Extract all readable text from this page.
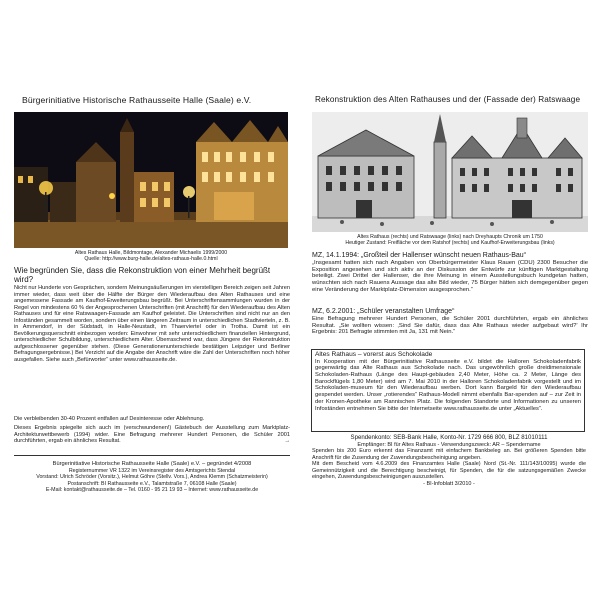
Bürgerinitiative Historische Rathausseite Halle (Saale) e.V.
Altes Rathaus Halle, Bildmontage, Alexander Michaelis 1999/2000
Quelle: http://www.burg-halle.de/altes-rathaus-halle.0.html
Wie begründen Sie, dass die Rekonstruktion von einer Mehrheit begrüßt wird?
Nicht nur Hunderte von Gesprächen, sondern Meinungsäußerungen im vierstelligen Bereich zeigen seit Jahren immer wieder, dass weit über die Hälfte der Bürger den Wiederaufbau des Alten Rathauses und eine angemessene Fassade am Kaufhof-Erweiterungsbau begrüßt. Bei Unterschriftensammlungen wurden in der Regel von mindestens 60 % der Angesprochenen Unterschriften (mit Anschrift) für den Wiederaufbau des Alten Rathauses und für eine Ratswaagen-Fassade am Kaufhof geleistet. Die Unterschriften sind nicht nur an den Infoständen gesammelt worden, sondern über einen längeren Zeitraum in unterschiedlichen Stadtvierteln, z. B. in Ammendorf, in der Südstadt, in Halle-Neustadt, im Thaerviertel oder in Trotha. Damit ist ein Bevölkerungsquerschnitt einbezogen worden: Einwohner mit sehr unterschiedlichem finanziellen Hintergrund, unterschiedlicher Schulbildung, unterschiedlichem Alter. Überraschend war, dass Jüngere der Rekonstruktion aufgeschlossener gegenüber stehen. (Diese Generationenunterschiede bestätigen Leipziger und Berliner Befragungsergebnisse.) Bei Verzicht auf die Angabe der Anschrift wäre die Zahl der Unterschriften noch höher ausgefallen. Siehe auch „Befürworter“ unter www.rathausseite.de.
Die verbleibenden 30-40 Prozent entfallen auf Desinteresse oder Ablehnung.
Dieses Ergebnis spiegelte sich auch im (verschwundenen!) Gästebuch der Ausstellung zum Marktplatz-Architekturwettbewerb (1994) wider. Eine Befragung mehrerer Hundert Personen, die Schüler 2001 durchführten, ergab ein ähnliches Resultat.	→
Bürgerinitiative Historische Rathausseite Halle (Saale) e.V. – gegründet 4/2008
Registernummer VR 1322 im Vereinsregister des Amtsgerichts Stendal
Vorstand: Ulrich Schröder (Vorsitz.), Helmut Göhre (Stellv. Vors.), Andrea Klemm (Schatzmeisterin)
Postanschrift: BI Rathausseite e.V., Talamtstraße 7, 06108 Halle (Saale)
E-Mail: kontakt@rathausseite.de – Tel. 0160 - 95 21 19 93 – Internet: www.rathausseite.de
Rekonstruktion des Alten Rathauses und der (Fassade der) Ratswaage
Altes Rathaus (rechts) und Ratswaage (links) nach Dreyhaupts Chronik um 1750
Heutiger Zustand: Freifläche vor dem Ratshof (rechts) und Kaufhof-Erweiterungsbau (links)
MZ, 14.1.1994: „Großteil der Hallenser wünscht neuen Rathaus-Bau“
„Insgesamt hatten sich nach Angaben von Oberbürgermeister Klaus Rauen (CDU) 2300 Besucher die Exposition angesehen und sich aktiv an der Diskussion der Entwürfe zur künftigen Marktgestaltung beteiligt. Zwei Drittel der Hallenser, die ihre Meinung in einem Ausstellungsbuch kundgetan hatten, wünschten sich nach Rauens Aussage das alte Bild wieder, 75 Bürger hätten sich demgegenüber gegen eine Veränderung der Marktplatz-Dimension ausgesprochen.“
MZ, 6.2.2001: „Schüler veranstalten Umfrage“
Eine Befragung mehrerer Hundert Personen, die Schüler 2001 durchführten, ergab ein ähnliches Resultat. „Sie wollten wissen: ‚Sind Sie dafür, dass das Alte Rathaus wieder aufgebaut wird?‘ Ihr Ergebnis: 201 Befragte stimmten mit Ja, 131 mit Nein.“
Altes Rathaus – vorerst aus Schokolade
In Kooperation mit der Bürgerinitiative Rathausseite e.V. bildet die Halloren Schokoladenfabrik gegenwärtig das Alte Rathaus aus Schokolade nach. Das ungewöhnlich große dreidimensionale Schokoladen-Rathaus (Länge des Haupt-gebäudes 2,40 Meter, Höhe ca. 2 Meter, Länge des Barockflügels 1,80 Meter) wird am 7. Mai 2010 in der Halloren Schokoladenfabrik vorgestellt und im Schokoladen-museum für den Wiederaufbau werben. Dort kann Bargeld für den Wiederaufbau gespendet werden. Unser „rotierendes“ Rathaus-Modell nimmt ebenfalls Bar-spenden auf – zur Zeit in der Kronen-Apotheke am Rannischen Platz. Die folgenden Standorte und Informationen zu unseren Infoständen entnehmen Sie bitte der Internetseite www.rathausseite.de unter „Aktuelles“.
Spendenkonto: SEB-Bank Halle, Konto-Nr. 1729 666 800, BLZ 81010111
Empfänger: BI für Altes Rathaus - Verwendungszweck: AR – Spendername
Spenden bis 200 Euro erkennt das Finanzamt mit einfachem Bankbeleg an. Bei größeren Spenden bitte Anschrift für die Zusendung der Zuwendungsbescheinigung angeben.
Mit dem Bescheid vom 4.6.2009 des Finanzamtes Halle (Saale) Nord (St.-Nr. 111/143/10095) wurde die Gemeinnützigkeit und die Berechtigung bescheinigt, für Spenden, die für die satzungsgemäßen Zwecke eingehen, Zuwendungsbescheinigungen auszustellen.
- BI-Infoblatt 3/2010 -
